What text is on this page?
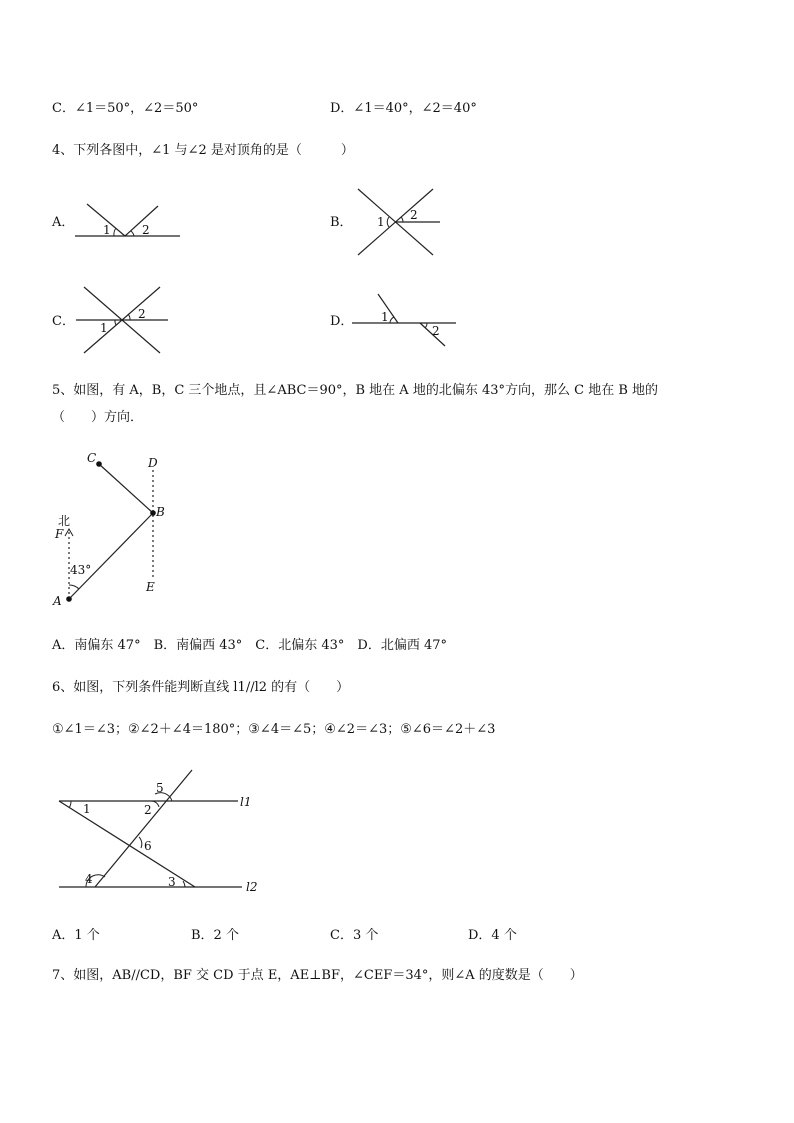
C．∠1＝50°，∠2＝50°	D．∠1＝40°，∠2＝40°
4、下列各图中，∠1 与∠2 是对顶角的是（　　　）
A． 1	2	B． 1 2
C． 1
2	D． 1
2
5、如图，有 A，B，C 三个地点，且∠ABC＝90°，B 地在 A 地的北偏东 43°方向，那么 C 地在 B 地的
（　　）方向．
C	D
B
北
F
43°
E
A
A．南偏东 47°　B．南偏西 43°　C．北偏东 43°　D．北偏西 47°
6、如图，下列条件能判断直线 l1//l2 的有（　　）
①∠1＝∠3；②∠2＋∠4＝180°；③∠4＝∠5；④∠2＝∠3；⑤∠6＝∠2＋∠3
1	2
5
6
4	3
l1
l2
A．1 个	B．2 个	C．3 个	D．4 个
7、如图，AB//CD，BF 交 CD 于点 E，AE⊥BF，∠CEF＝34°，则∠A 的度数是（　　）
